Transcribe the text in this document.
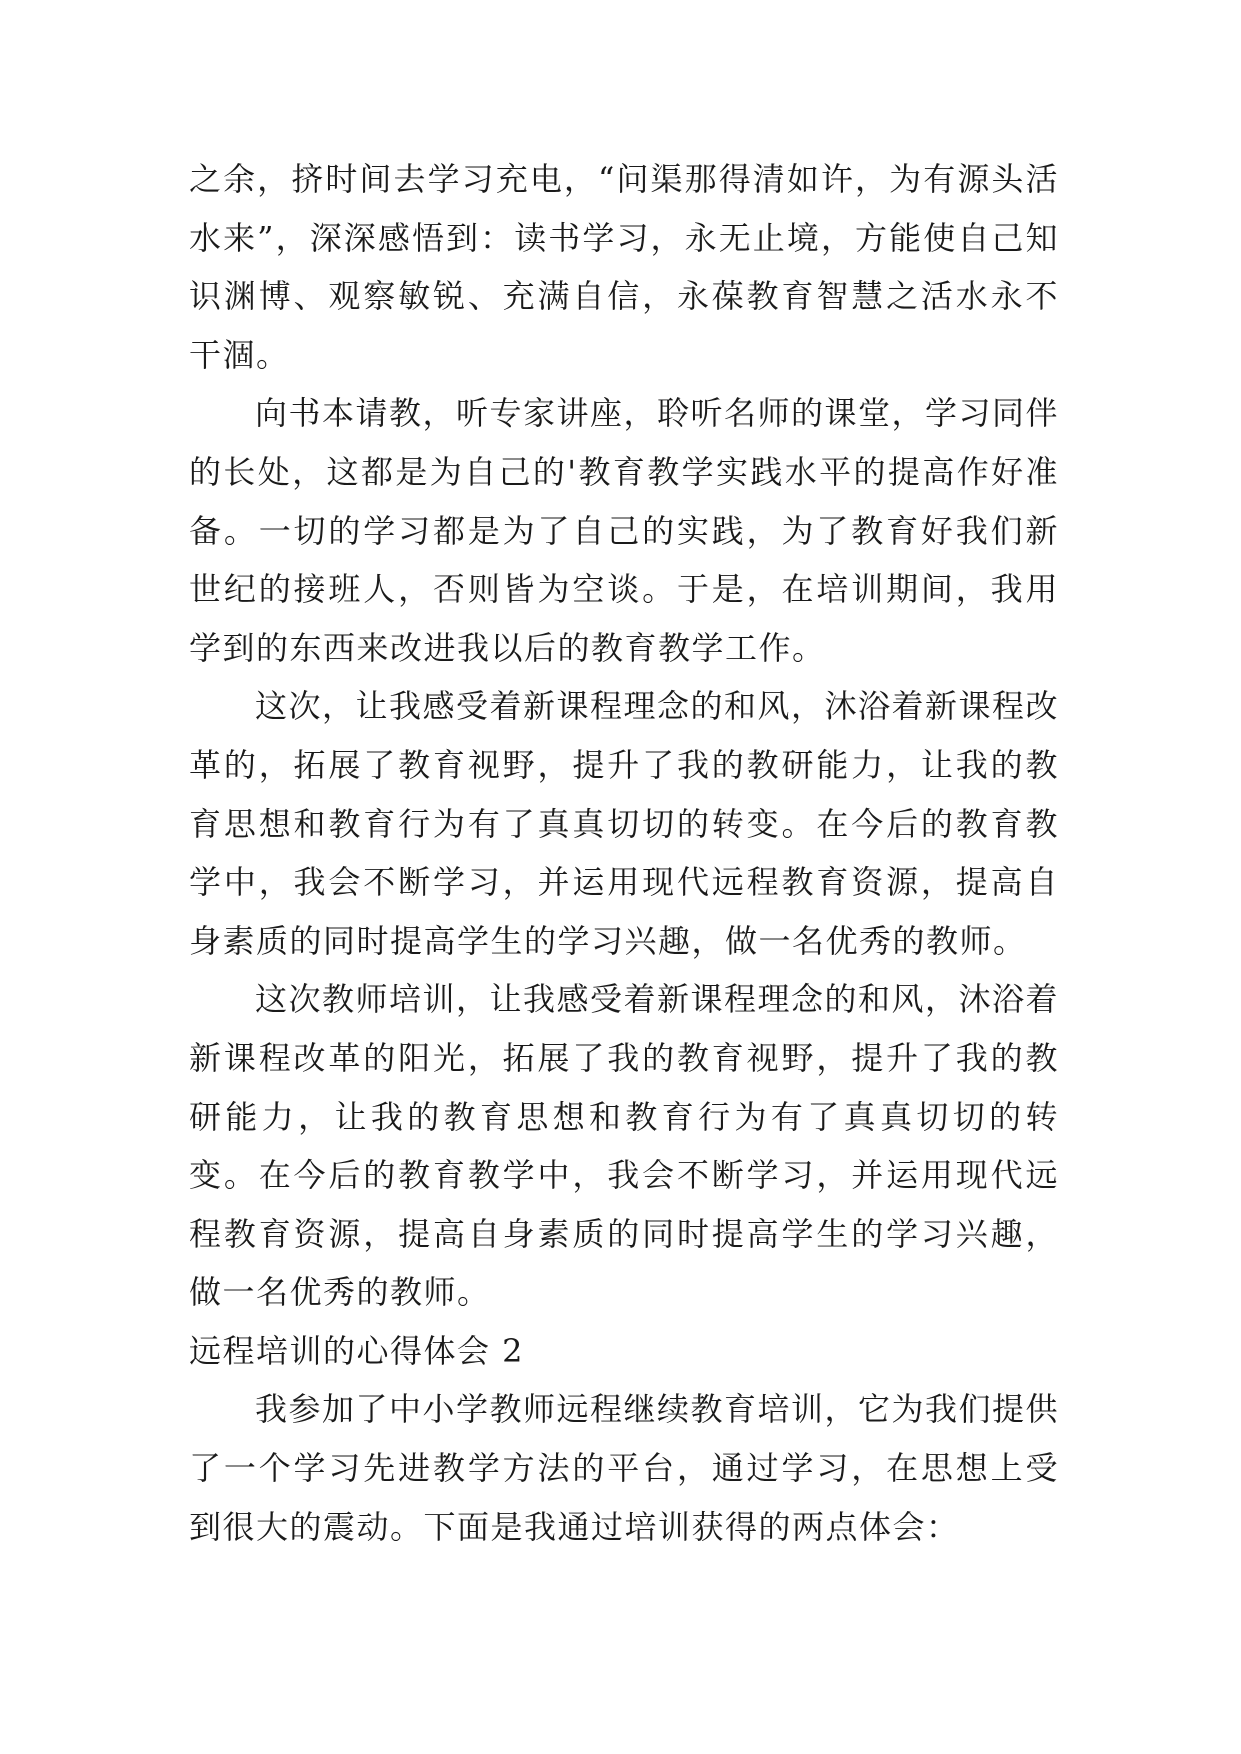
之余，挤时间去学习充电，“问渠那得清如许，为有源头活水来”，深深感悟到：读书学习，永无止境，方能使自己知识渊博、观察敏锐、充满自信，永葆教育智慧之活水永不干涸。

向书本请教，听专家讲座，聆听名师的课堂，学习同伴的长处，这都是为自己的'教育教学实践水平的提高作好准备。一切的学习都是为了自己的实践，为了教育好我们新世纪的接班人，否则皆为空谈。于是，在培训期间，我用学到的东西来改进我以后的教育教学工作。

这次，让我感受着新课程理念的和风，沐浴着新课程改革的，拓展了教育视野，提升了我的教研能力，让我的教育思想和教育行为有了真真切切的转变。在今后的教育教学中，我会不断学习，并运用现代远程教育资源，提高自身素质的同时提高学生的学习兴趣，做一名优秀的教师。

这次教师培训，让我感受着新课程理念的和风，沐浴着新课程改革的阳光，拓展了我的教育视野，提升了我的教研能力，让我的教育思想和教育行为有了真真切切的转变。在今后的教育教学中，我会不断学习，并运用现代远程教育资源，提高自身素质的同时提高学生的学习兴趣，做一名优秀的教师。

远程培训的心得体会 2

我参加了中小学教师远程继续教育培训，它为我们提供了一个学习先进教学方法的平台，通过学习，在思想上受到很大的震动。下面是我通过培训获得的两点体会：
